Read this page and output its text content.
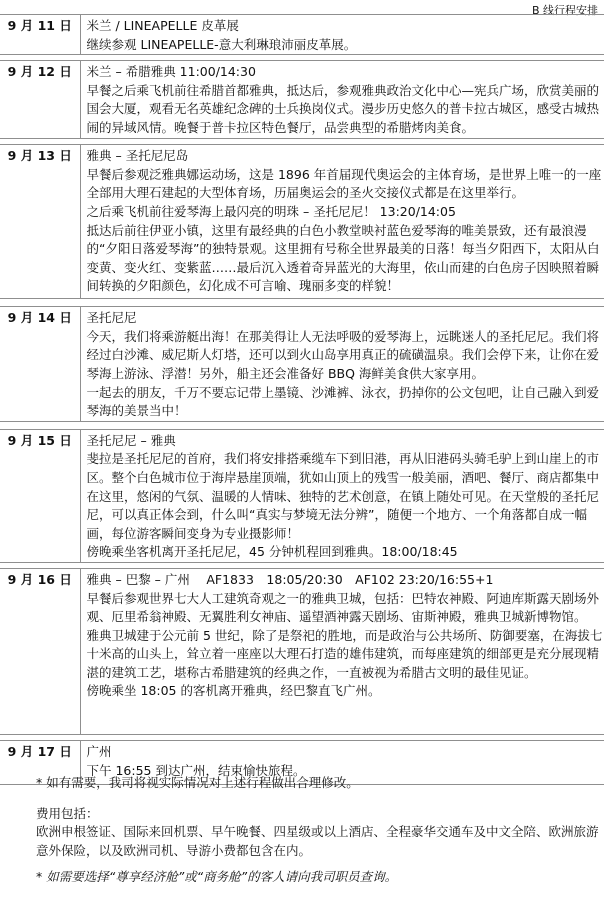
B 线行程安排
9 月 11 日	米兰 / LINEAPELLE 皮革展
继续参观 LINEAPELLE-意大利琳琅沛丽皮革展。

9 月 12 日	米兰 – 希腊雅典 11:00/14:30
早餐之后乘飞机前往希腊首都雅典，抵达后，参观雅典政治文化中心—宪兵广场，欣赏美丽的国会大厦，观看无名英雄纪念碑的士兵换岗仪式。漫步历史悠久的普卡拉古城区，感受古城热闹的异域风情。晚餐于普卡拉区特色餐厅，品尝典型的希腊烤肉美食。

9 月 13 日	雅典 – 圣托尼尼岛
早餐后参观泛雅典娜运动场，这是 1896 年首届现代奥运会的主体育场，是世界上唯一的一座全部用大理石建起的大型体育场，历届奥运会的圣火交接仪式都是在这里举行。
之后乘飞机前往爱琴海上最闪亮的明珠 – 圣托尼尼！ 13:20/14:05
抵达后前往伊亚小镇，这里有最经典的白色小教堂映衬蓝色爱琴海的唯美景致，还有最浪漫的“夕阳日落爱琴海”的独特景观。这里拥有号称全世界最美的日落！每当夕阳西下，太阳从白变黄、变火红、变紫蓝……最后沉入透着奇异蓝光的大海里，依山而建的白色房子因映照着瞬间转换的夕阳颜色，幻化成不可言喻、瑰丽多变的样貌！

9 月 14 日	圣托尼尼
今天，我们将乘游艇出海！在那美得让人无法呼吸的爱琴海上，远眺迷人的圣托尼尼。我们将经过白沙滩、威尼斯人灯塔，还可以到火山岛享用真正的硫磺温泉。我们会停下来，让你在爱琴海上游泳、浮潜！另外，船主还会准备好 BBQ 海鲜美食供大家享用。
一起去的朋友，千万不要忘记带上墨镜、沙滩裤、泳衣，扔掉你的公文包吧，让自己融入到爱琴海的美景当中！

9 月 15 日	圣托尼尼 – 雅典
斐拉是圣托尼尼的首府，我们将安排搭乘缆车下到旧港，再从旧港码头骑毛驴上到山崖上的市区。整个白色城市位于海岸悬崖顶端，犹如山顶上的残雪一般美丽，酒吧、餐厅、商店都集中在这里，悠闲的气氛、温暖的人情味、独特的艺术创意，在镇上随处可见。在天堂般的圣托尼尼，可以真正体会到，什么叫“真实与梦境无法分辨”，随便一个地方、一个角落都自成一幅画，每位游客瞬间变身为专业摄影师！
傍晚乘坐客机离开圣托尼尼，45 分钟机程回到雅典。18:00/18:45

9 月 16 日	雅典 – 巴黎 – 广州　 AF1833　18:05/20:30　AF102 23:20/16:55+1
早餐后参观世界七大人工建筑奇观之一的雅典卫城，包括：巴特农神殿、阿迪库斯露天剧场外观、厄里希翁神殿、无翼胜利女神庙、遥望酒神露天剧场、宙斯神殿，雅典卫城新博物馆。
雅典卫城建于公元前 5 世纪，除了是祭祀的胜地，而是政治与公共场所、防御要塞，在海拔七十米高的山头上，耸立着一座座以大理石打造的雄伟建筑，而每座建筑的细部更是充分展现精湛的建筑工艺，堪称古希腊建筑的经典之作，一直被视为希腊古文明的最佳见证。
傍晚乘坐 18:05 的客机离开雅典，经巴黎直飞广州。

9 月 17 日	广州
下午 16:55 到达广州，结束愉快旅程。
* 如有需要，我司将视实际情况对上述行程做出合理修改。
费用包括：
欧洲申根签证、国际来回机票、早午晚餐、四星级或以上酒店、全程豪华交通车及中文全陪、欧洲旅游意外保险，以及欧洲司机、导游小费都包含在内。
* 如需要选择“尊享经济舱”或“商务舱”的客人请向我司职员查询。
